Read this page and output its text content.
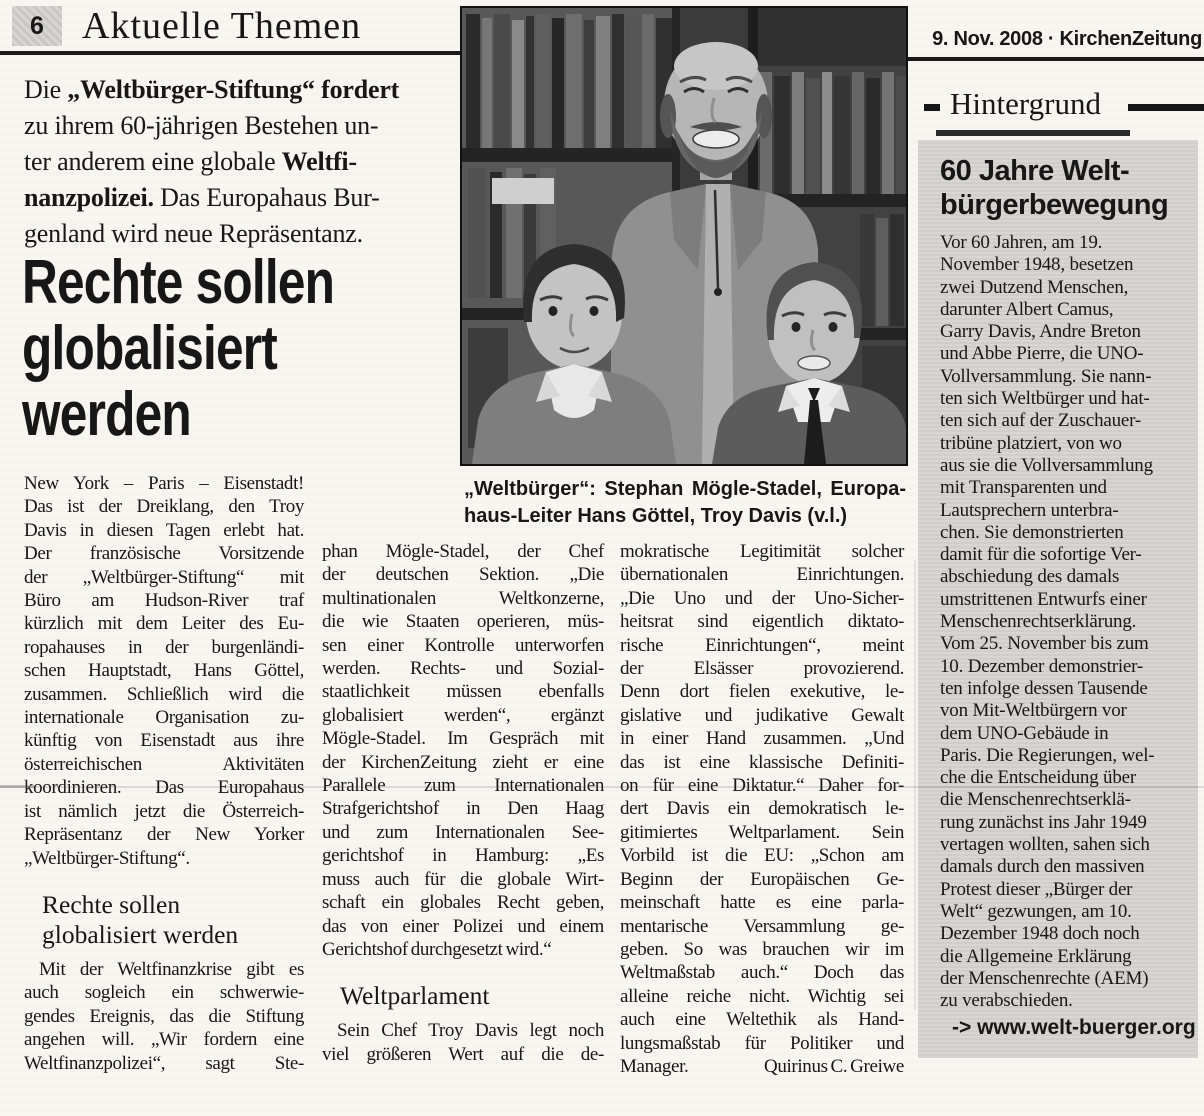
6 Aktuelle Themen	9. Nov. 2008 · KirchenZeitung
Die „Weltbürger-Stiftung“ fordert
zu ihrem 60-jährigen Bestehen un-
ter anderem eine globale Weltfi-
nanzpolizei. Das Europahaus Bur-
genland wird neue Repräsentanz.
Rechte sollen
globalisiert
werden
„Weltbürger“: Stephan Mögle-Stadel, Europa-
haus-Leiter Hans Göttel, Troy Davis (v.l.)
New York – Paris – Eisenstadt!
Das ist der Dreiklang, den Troy
Davis in diesen Tagen erlebt hat.
Der französische Vorsitzende
der „Weltbürger-Stiftung“ mit
Büro am Hudson-River traf
kürzlich mit dem Leiter des Eu-
ropahauses in der burgenländi-
schen Hauptstadt, Hans Göttel,
zusammen. Schließlich wird die
internationale Organisation zu-
künftig von Eisenstadt aus ihre
österreichischen Aktivitäten
koordinieren. Das Europahaus
ist nämlich jetzt die Österreich-
Repräsentanz der New Yorker
„Weltbürger-Stiftung“.
Rechte sollen
globalisiert werden
Mit der Weltfinanzkrise gibt es
auch sogleich ein schwerwie-
gendes Ereignis, das die Stiftung
angehen will. „Wir fordern eine
Weltfinanzpolizei“, sagt Ste-
phan Mögle-Stadel, der Chef
der deutschen Sektion. „Die
multinationalen Weltkonzerne,
die wie Staaten operieren, müs-
sen einer Kontrolle unterworfen
werden. Rechts- und Sozial-
staatlichkeit müssen ebenfalls
globalisiert werden“, ergänzt
Mögle-Stadel. Im Gespräch mit
der KirchenZeitung zieht er eine
Parallele zum Internationalen
Strafgerichtshof in Den Haag
und zum Internationalen See-
gerichtshof in Hamburg: „Es
muss auch für die globale Wirt-
schaft ein globales Recht geben,
das von einer Polizei und einem
Gerichtshof durchgesetzt wird.“
Weltparlament
Sein Chef Troy Davis legt noch
viel größeren Wert auf die de-
mokratische Legitimität solcher
übernationalen Einrichtungen.
„Die Uno und der Uno-Sicher-
heitsrat sind eigentlich diktato-
rische Einrichtungen“, meint
der Elsässer provozierend.
Denn dort fielen exekutive, le-
gislative und judikative Gewalt
in einer Hand zusammen. „Und
das ist eine klassische Definiti-
on für eine Diktatur.“ Daher for-
dert Davis ein demokratisch le-
gitimiertes Weltparlament. Sein
Vorbild ist die EU: „Schon am
Beginn der Europäischen Ge-
meinschaft hatte es eine parla-
mentarische Versammlung ge-
geben. So was brauchen wir im
Weltmaßstab auch.“ Doch das
alleine reiche nicht. Wichtig sei
auch eine Weltethik als Hand-
lungsmaßstab für Politiker und
Manager.	Quirinus C. Greiwe
Hintergrund
60 Jahre Welt-
bürgerbewegung
Vor 60 Jahren, am 19.
November 1948, besetzen
zwei Dutzend Menschen,
darunter Albert Camus,
Garry Davis, Andre Breton
und Abbe Pierre, die UNO-
Vollversammlung. Sie nann-
ten sich Weltbürger und hat-
ten sich auf der Zuschauer-
tribüne platziert, von wo
aus sie die Vollversammlung
mit Transparenten und
Lautsprechern unterbra-
chen. Sie demonstrierten
damit für die sofortige Ver-
abschiedung des damals
umstrittenen Entwurfs einer
Menschenrechtserklärung.
Vom 25. November bis zum
10. Dezember demonstrier-
ten infolge dessen Tausende
von Mit-Weltbürgern vor
dem UNO-Gebäude in
Paris. Die Regierungen, wel-
che die Entscheidung über
die Menschenrechtserklä-
rung zunächst ins Jahr 1949
vertagen wollten, sahen sich
damals durch den massiven
Protest dieser „Bürger der
Welt“ gezwungen, am 10.
Dezember 1948 doch noch
die Allgemeine Erklärung
der Menschenrechte (AEM)
zu verabschieden.
-> www.welt-buerger.org
